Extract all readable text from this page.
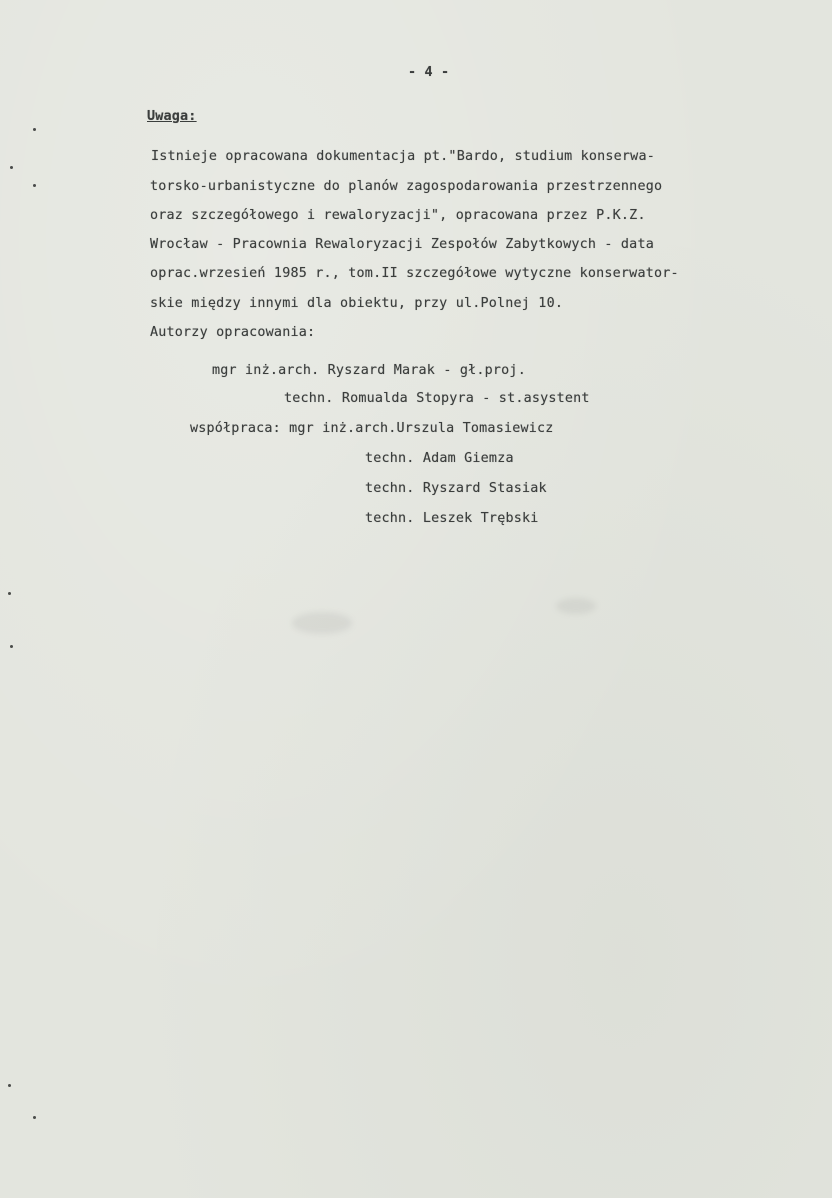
- 4 -
Uwaga:
Istnieje opracowana dokumentacja pt."Bardo, studium konserwa-
torsko-urbanistyczne do planów zagospodarowania przestrzennego
oraz szczegółowego i rewaloryzacji", opracowana przez P.K.Z.
Wrocław - Pracownia Rewaloryzacji Zespołów Zabytkowych - data
oprac.wrzesień 1985 r., tom.II szczegółowe wytyczne konserwator-
skie między innymi dla obiektu, przy ul.Polnej 10.
Autorzy opracowania:
mgr inż.arch. Ryszard Marak - gł.proj.
techn. Romualda Stopyra - st.asystent
współpraca: mgr inż.arch.Urszula Tomasiewicz
techn. Adam Giemza
techn. Ryszard Stasiak
techn. Leszek Trębski
